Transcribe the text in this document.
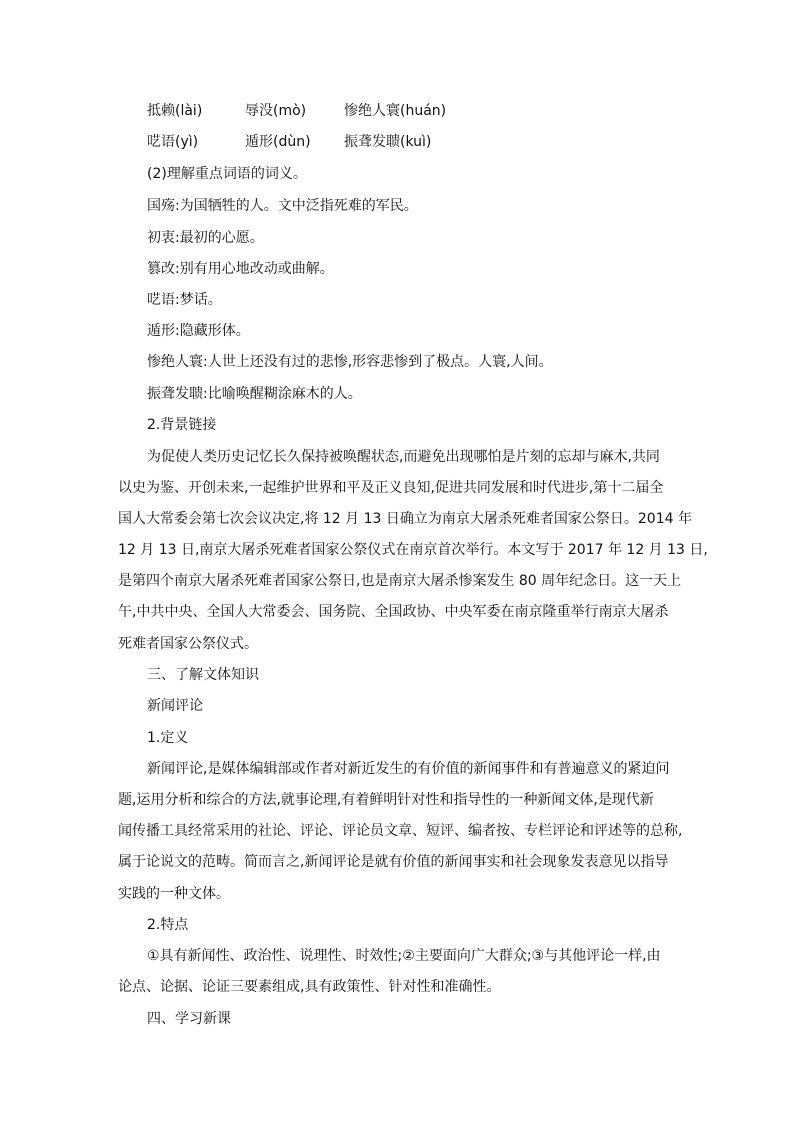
抵赖(lài)	辱没(mò)	惨绝人寰(huán)
呓语(yì)	遁形(dùn) 振聋发聩(kuì)
(2)理解重点词语的词义。
国殇:为国牺牲的人。文中泛指死难的军民。
初衷:最初的心愿。
篡改:别有用心地改动或曲解。
呓语:梦话。
遁形:隐藏形体。
惨绝人寰:人世上还没有过的悲惨,形容悲惨到了极点。人寰,人间。
振聋发聩:比喻唤醒糊涂麻木的人。
2.背景链接
为促使人类历史记忆长久保持被唤醒状态,而避免出现哪怕是片刻的忘却与麻木,共同
以史为鉴、开创未来,一起维护世界和平及正义良知,促进共同发展和时代进步,第十二届全
国人大常委会第七次会议决定,将 12 月 13 日确立为南京大屠杀死难者国家公祭日。2014 年
12 月 13 日,南京大屠杀死难者国家公祭仪式在南京首次举行。本文写于 2017 年 12 月 13 日,
是第四个南京大屠杀死难者国家公祭日,也是南京大屠杀惨案发生 80 周年纪念日。这一天上
午,中共中央、全国人大常委会、国务院、全国政协、中央军委在南京隆重举行南京大屠杀
死难者国家公祭仪式。
三、了解文体知识
新闻评论
1.定义
新闻评论,是媒体编辑部或作者对新近发生的有价值的新闻事件和有普遍意义的紧迫问
题,运用分析和综合的方法,就事论理,有着鲜明针对性和指导性的一种新闻文体,是现代新
闻传播工具经常采用的社论、评论、评论员文章、短评、编者按、专栏评论和评述等的总称,
属于论说文的范畴。简而言之,新闻评论是就有价值的新闻事实和社会现象发表意见以指导
实践的一种文体。
2.特点
①具有新闻性、政治性、说理性、时效性;②主要面向广大群众;③与其他评论一样,由
论点、论据、论证三要素组成,具有政策性、针对性和准确性。
四、学习新课
